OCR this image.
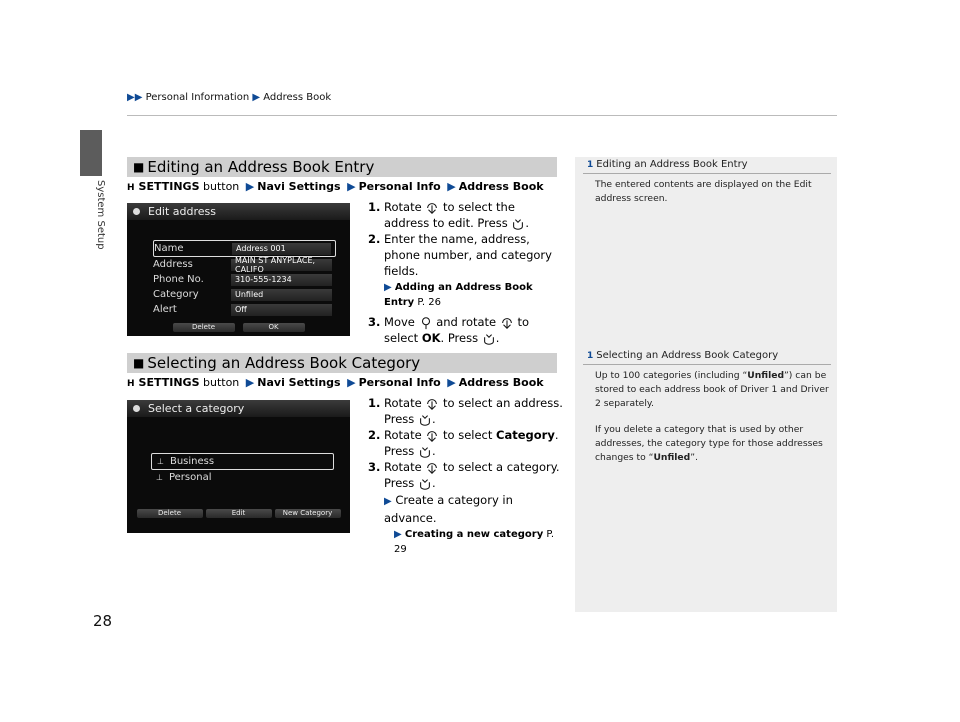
▶▶ Personal Information ▶ Address Book
System Setup
■ Editing an Address Book Entry
H SETTINGS button ▶ Navi Settings ▶ Personal Info ▶ Address Book
Edit address
Name	Address 001
Address	MAIN ST ANYPLACE, CALIFO
Phone No.	310-555-1234
Category	Unfiled
Alert	Off
Delete	OK
1. Rotate to select the address to edit. Press .
2. Enter the name, address, phone number, and category fields.
▶ Adding an Address Book Entry P. 26
3. Move and rotate to select OK. Press .
■ Selecting an Address Book Category
H SETTINGS button ▶ Navi Settings ▶ Personal Info ▶ Address Book
Select a category
⊥ Business
⊥ Personal
Delete	Edit	New Category
1. Rotate to select an address.
Press .
2. Rotate to select Category.
Press .
3. Rotate to select a category.
Press .
▶ Create a category in advance.
▶ Creating a new category P. 29
1 Editing an Address Book Entry
The entered contents are displayed on the Edit address screen.
1 Selecting an Address Book Category
Up to 100 categories (including “Unfiled”) can be stored to each address book of Driver 1 and Driver 2 separately.
If you delete a category that is used by other addresses, the category type for those addresses changes to “Unfiled”.
28
